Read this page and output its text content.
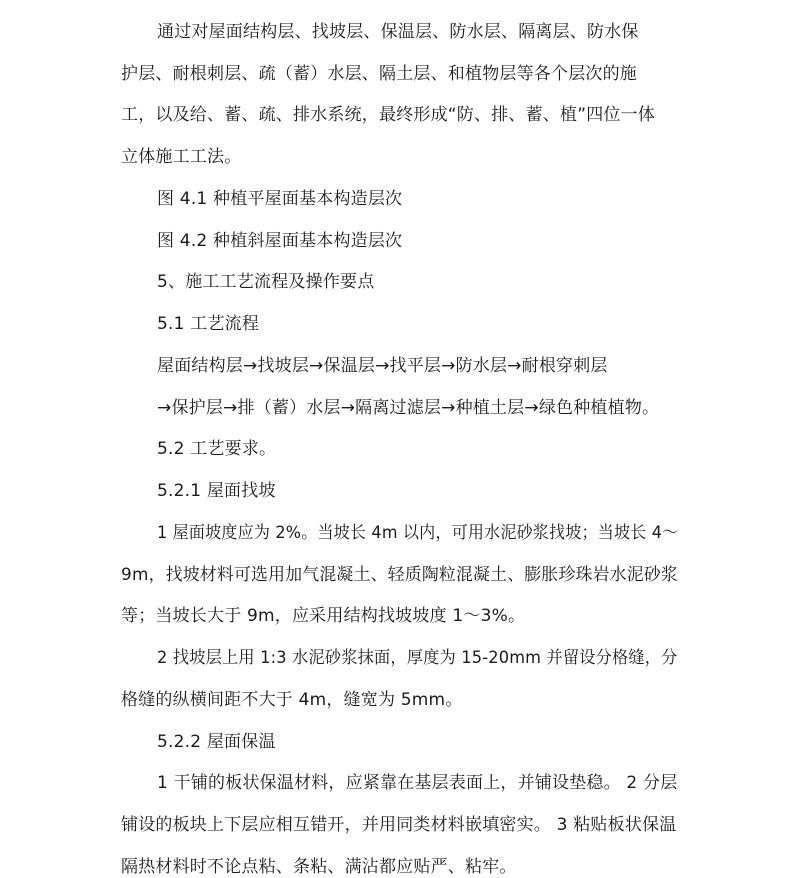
通过对屋面结构层、找坡层、保温层、防水层、隔离层、防水保
护层、耐根刺层、疏（蓄）水层、隔土层、和植物层等各个层次的施
工，以及给、蓄、疏、排水系统，最终形成“防、排、蓄、植”四位一体
立体施工工法。
图 4.1 种植平屋面基本构造层次
图 4.2 种植斜屋面基本构造层次
5、施工工艺流程及操作要点
5.1 工艺流程
屋面结构层→找坡层→保温层→找平层→防水层→耐根穿刺层
→保护层→排（蓄）水层→隔离过滤层→种植土层→绿色种植植物。
5.2 工艺要求。
5.2.1 屋面找坡
1 屋面坡度应为 2%。当坡长 4m 以内，可用水泥砂浆找坡；当坡长 4～
9m，找坡材料可选用加气混凝土、轻质陶粒混凝土、膨胀珍珠岩水泥砂浆
等；当坡长大于 9m，应采用结构找坡坡度 1～3%。
2 找坡层上用 1:3 水泥砂浆抹面，厚度为 15-20mm 并留设分格缝，分
格缝的纵横间距不大于 4m，缝宽为 5mm。
5.2.2 屋面保温
1 干铺的板状保温材料，应紧靠在基层表面上，并铺设垫稳。 2 分层
铺设的板块上下层应相互错开，并用同类材料嵌填密实。 3 粘贴板状保温
隔热材料时不论点粘、条粘、满沾都应贴严、粘牢。
